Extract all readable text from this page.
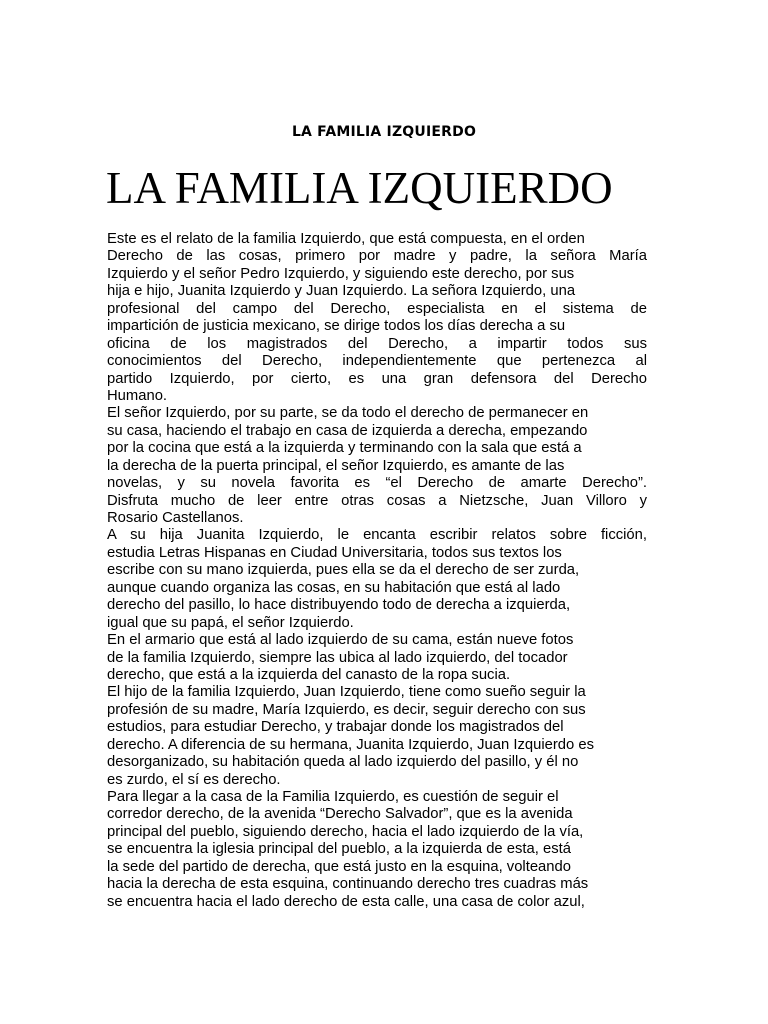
LA FAMILIA IZQUIERDO
LA FAMILIA IZQUIERDO
Este es el relato de la familia Izquierdo, que está compuesta, en el orden
Derecho de las cosas, primero por madre y padre, la señora María
Izquierdo y el señor Pedro Izquierdo, y siguiendo este derecho, por sus
hija e hijo, Juanita Izquierdo y Juan Izquierdo. La señora Izquierdo, una
profesional del campo del Derecho, especialista en el sistema de
impartición de justicia mexicano, se dirige todos los días derecha a su
oficina de los magistrados del Derecho, a impartir todos sus
conocimientos del Derecho, independientemente que pertenezca al
partido Izquierdo, por cierto, es una gran defensora del Derecho
Humano.
El señor Izquierdo, por su parte, se da todo el derecho de permanecer en
su casa, haciendo el trabajo en casa de izquierda a derecha, empezando
por la cocina que está a la izquierda y terminando con la sala que está a
la derecha de la puerta principal, el señor Izquierdo, es amante de las
novelas, y su novela favorita es “el Derecho de amarte Derecho”.
Disfruta mucho de leer entre otras cosas a Nietzsche, Juan Villoro y
Rosario Castellanos.
A su hija Juanita Izquierdo, le encanta escribir relatos sobre ficción,
estudia Letras Hispanas en Ciudad Universitaria, todos sus textos los
escribe con su mano izquierda, pues ella se da el derecho de ser zurda,
aunque cuando organiza las cosas, en su habitación que está al lado
derecho del pasillo, lo hace distribuyendo todo de derecha a izquierda,
igual que su papá, el señor Izquierdo.
En el armario que está al lado izquierdo de su cama, están nueve fotos
de la familia Izquierdo, siempre las ubica al lado izquierdo, del tocador
derecho, que está a la izquierda del canasto de la ropa sucia.
El hijo de la familia Izquierdo, Juan Izquierdo, tiene como sueño seguir la
profesión de su madre, María Izquierdo, es decir, seguir derecho con sus
estudios, para estudiar Derecho, y trabajar donde los magistrados del
derecho. A diferencia de su hermana, Juanita Izquierdo, Juan Izquierdo es
desorganizado, su habitación queda al lado izquierdo del pasillo, y él no
es zurdo, el sí es derecho.
Para llegar a la casa de la Familia Izquierdo, es cuestión de seguir el
corredor derecho, de la avenida “Derecho Salvador”, que es la avenida
principal del pueblo, siguiendo derecho, hacia el lado izquierdo de la vía,
se encuentra la iglesia principal del pueblo, a la izquierda de esta, está
la sede del partido de derecha, que está justo en la esquina, volteando
hacia la derecha de esta esquina, continuando derecho tres cuadras más
se encuentra hacia el lado derecho de esta calle, una casa de color azul,
